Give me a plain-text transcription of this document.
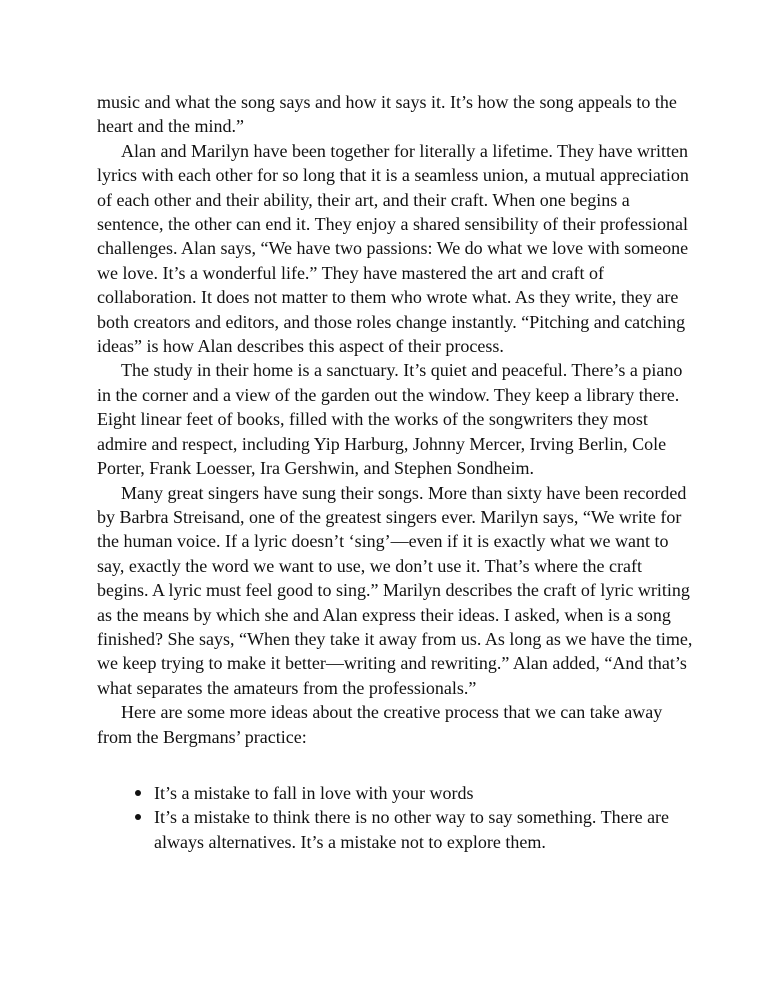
music and what the song says and how it says it. It’s how the song appeals to the heart and the mind.”

Alan and Marilyn have been together for literally a lifetime. They have written lyrics with each other for so long that it is a seamless union, a mutual appreciation of each other and their ability, their art, and their craft. When one begins a sentence, the other can end it. They enjoy a shared sensibility of their professional challenges. Alan says, “We have two passions: We do what we love with someone we love. It’s a wonderful life.” They have mastered the art and craft of collaboration. It does not matter to them who wrote what. As they write, they are both creators and editors, and those roles change instantly. “Pitching and catching ideas” is how Alan describes this aspect of their process.

The study in their home is a sanctuary. It’s quiet and peaceful. There’s a piano in the corner and a view of the garden out the window. They keep a library there. Eight linear feet of books, filled with the works of the songwriters they most admire and respect, including Yip Harburg, Johnny Mercer, Irving Berlin, Cole Porter, Frank Loesser, Ira Gershwin, and Stephen Sondheim.

Many great singers have sung their songs. More than sixty have been recorded by Barbra Streisand, one of the greatest singers ever. Marilyn says, “We write for the human voice. If a lyric doesn’t ‘sing’—even if it is exactly what we want to say, exactly the word we want to use, we don’t use it. That’s where the craft begins. A lyric must feel good to sing.” Marilyn describes the craft of lyric writing as the means by which she and Alan express their ideas. I asked, when is a song finished? She says, “When they take it away from us. As long as we have the time, we keep trying to make it better—writing and rewriting.” Alan added, “And that’s what separates the amateurs from the professionals.”

Here are some more ideas about the creative process that we can take away from the Bergmans’ practice:

It’s a mistake to fall in love with your words
It’s a mistake to think there is no other way to say something. There are always alternatives. It’s a mistake not to explore them.
